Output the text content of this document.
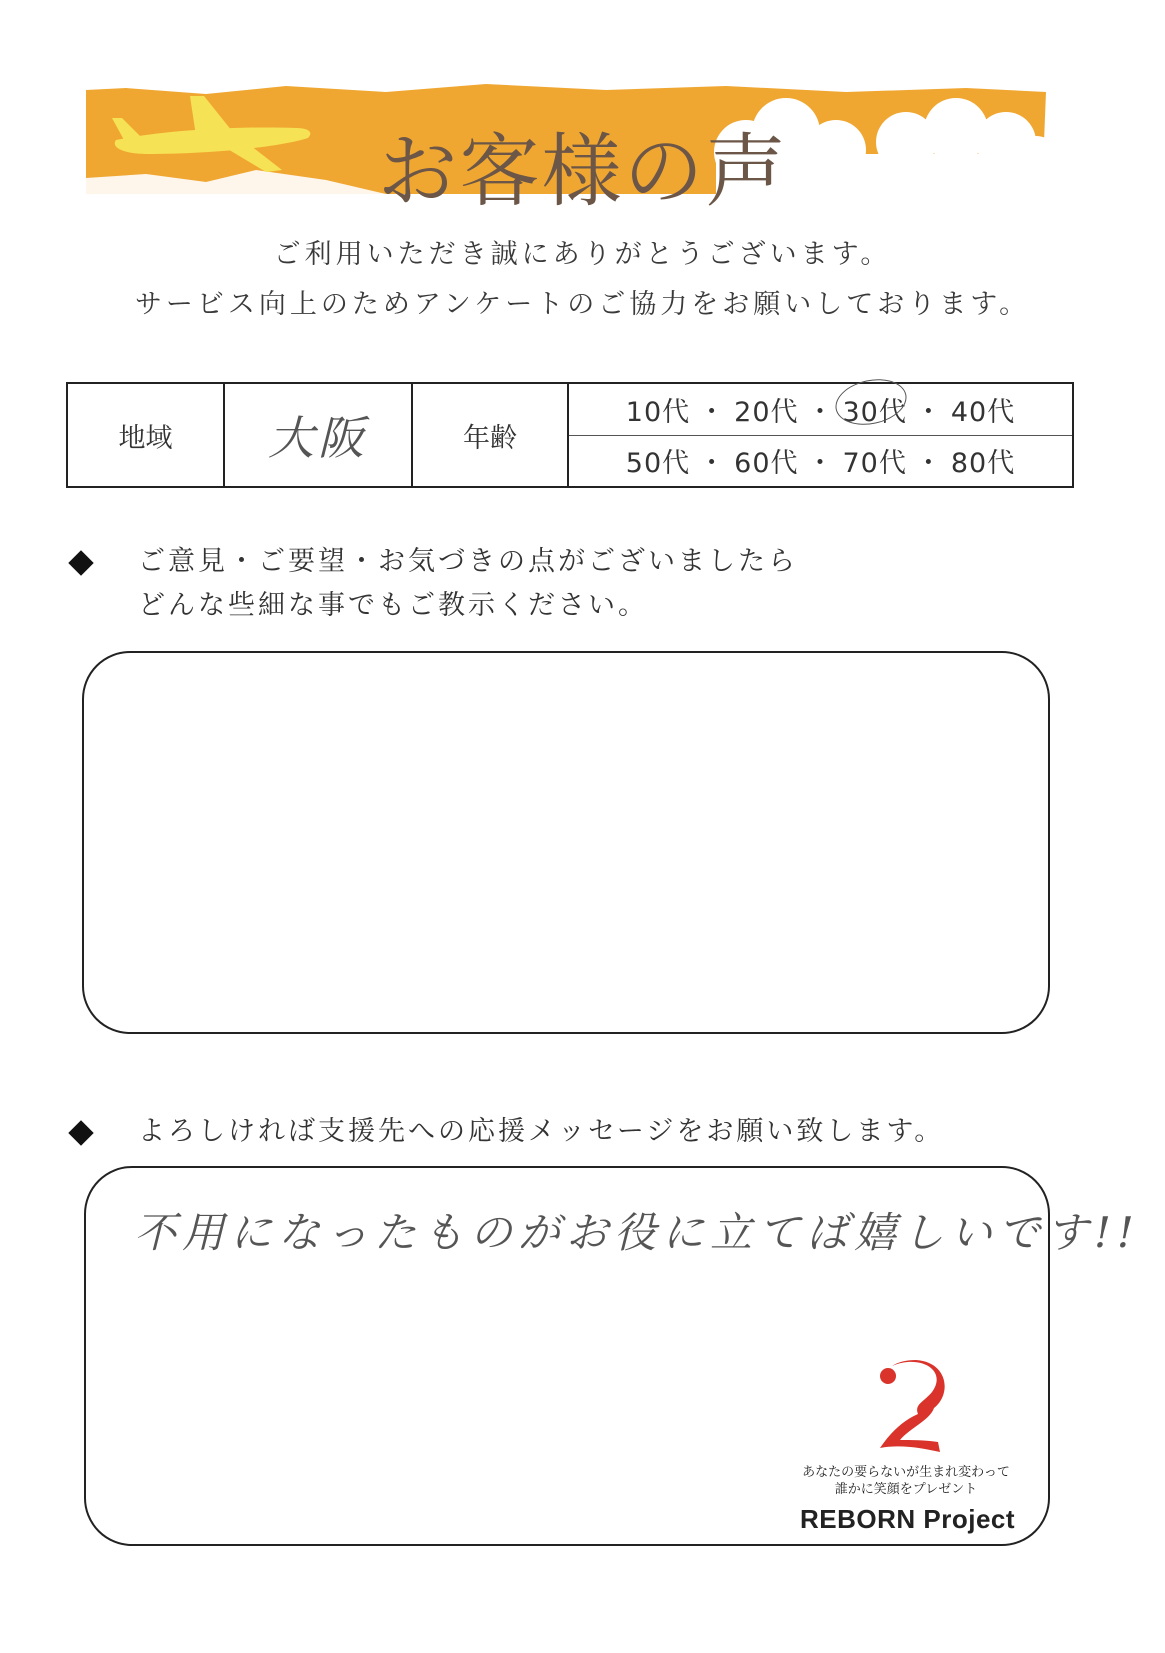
お客様の声
ご利用いただき誠にありがとうございます。
サービス向上のためアンケートのご協力をお願いしております。
地域	大阪	年齢
10代 ・ 20代 ・ 30代 ・ 40代
50代 ・ 60代 ・ 70代 ・ 80代
ご意見・ご要望・お気づきの点がございましたら
どんな些細な事でもご教示ください。
よろしければ支援先への応援メッセージをお願い致します。
不用になったものがお役に立てば嬉しいです!!
あなたの要らないが生まれ変わって
誰かに笑顔をプレゼント
REBORN Project
